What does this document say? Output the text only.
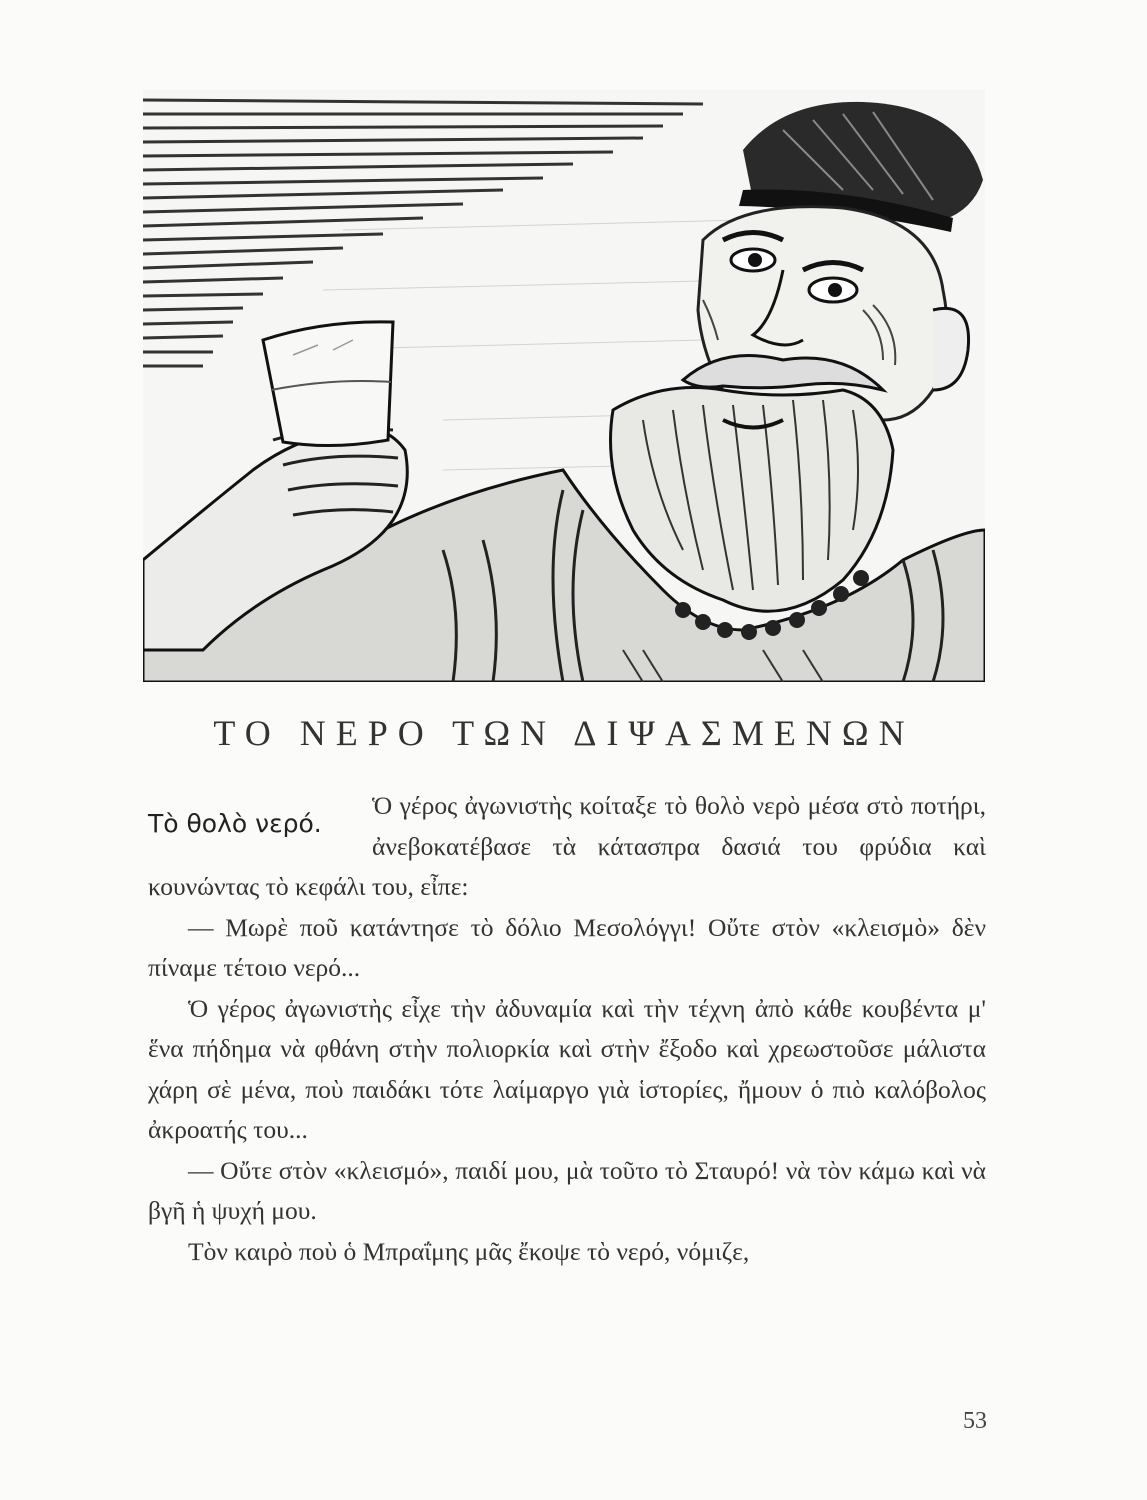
ΤΟ ΝΕΡΟ ΤΩΝ ΔΙΨΑΣΜΕΝΩΝ
Τὸ θολὸ νερό.

Ὁ γέρος ἀγωνιστὴς κοίταξε τὸ θολὸ νερὸ μέσα στὸ ποτήρι, ἀνεβοκατέβασε τὰ κάτασπρα δασιά του φρύδια καὶ κουνώντας τὸ κεφάλι του, εἶπε:

— Μωρὲ ποῦ κατάντησε τὸ δόλιο Μεσολόγγι! Οὔτε στὸν «κλεισμὸ» δὲν πίναμε τέτοιο νερό...

Ὁ γέρος ἀγωνιστὴς εἶχε τὴν ἀδυναμία καὶ τὴν τέχνη ἀπὸ κάθε κουβέντα μ' ἕνα πήδημα νὰ φθάνη στὴν πολιορκία καὶ στὴν ἔξοδο καὶ χρεωστοῦσε μάλιστα χάρη σὲ μένα, ποὺ παιδάκι τότε λαίμαργο γιὰ ἱστορίες, ἤμουν ὁ πιὸ καλόβολος ἀκροατής του...

— Οὔτε στὸν «κλεισμό», παιδί μου, μὰ τοῦτο τὸ Σταυρό! νὰ τὸν κάμω καὶ νὰ βγῆ ἡ ψυχή μου.

Τὸν καιρὸ ποὺ ὁ Μπραΐμης μᾶς ἔκοψε τὸ νερό, νόμιζε,

53
